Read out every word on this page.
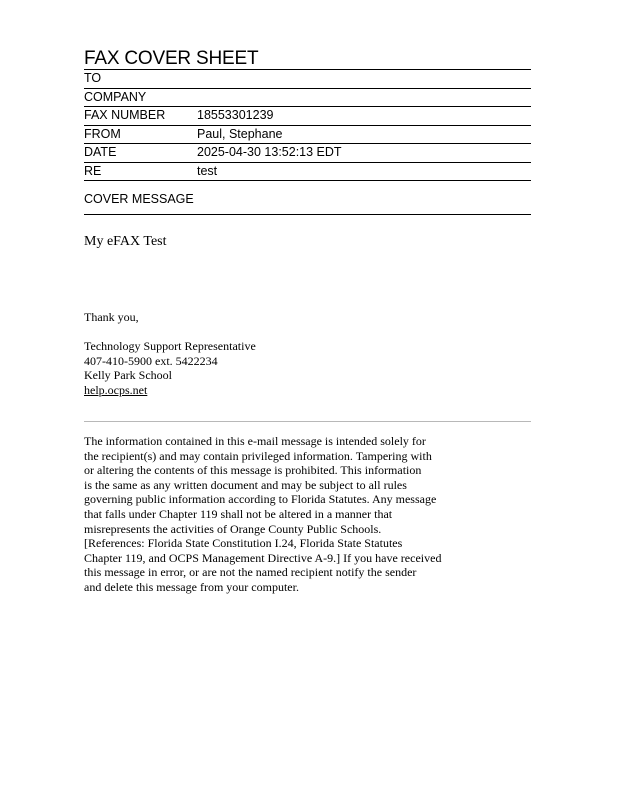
FAX COVER SHEET
TO
COMPANY
FAX NUMBER	18553301239
FROM	Paul, Stephane
DATE	2025-04-30 13:52:13 EDT
RE	test
COVER MESSAGE
My eFAX Test
Thank you,
Technology Support Representative
407-410-5900 ext. 5422234
Kelly Park School
help.ocps.net
The information contained in this e-mail message is intended solely for
the recipient(s) and may contain privileged information. Tampering with
or altering the contents of this message is prohibited. This information
is the same as any written document and may be subject to all rules
governing public information according to Florida Statutes. Any message
that falls under Chapter 119 shall not be altered in a manner that
misrepresents the activities of Orange County Public Schools.
[References: Florida State Constitution I.24, Florida State Statutes
Chapter 119, and OCPS Management Directive A-9.] If you have received
this message in error, or are not the named recipient notify the sender
and delete this message from your computer.
